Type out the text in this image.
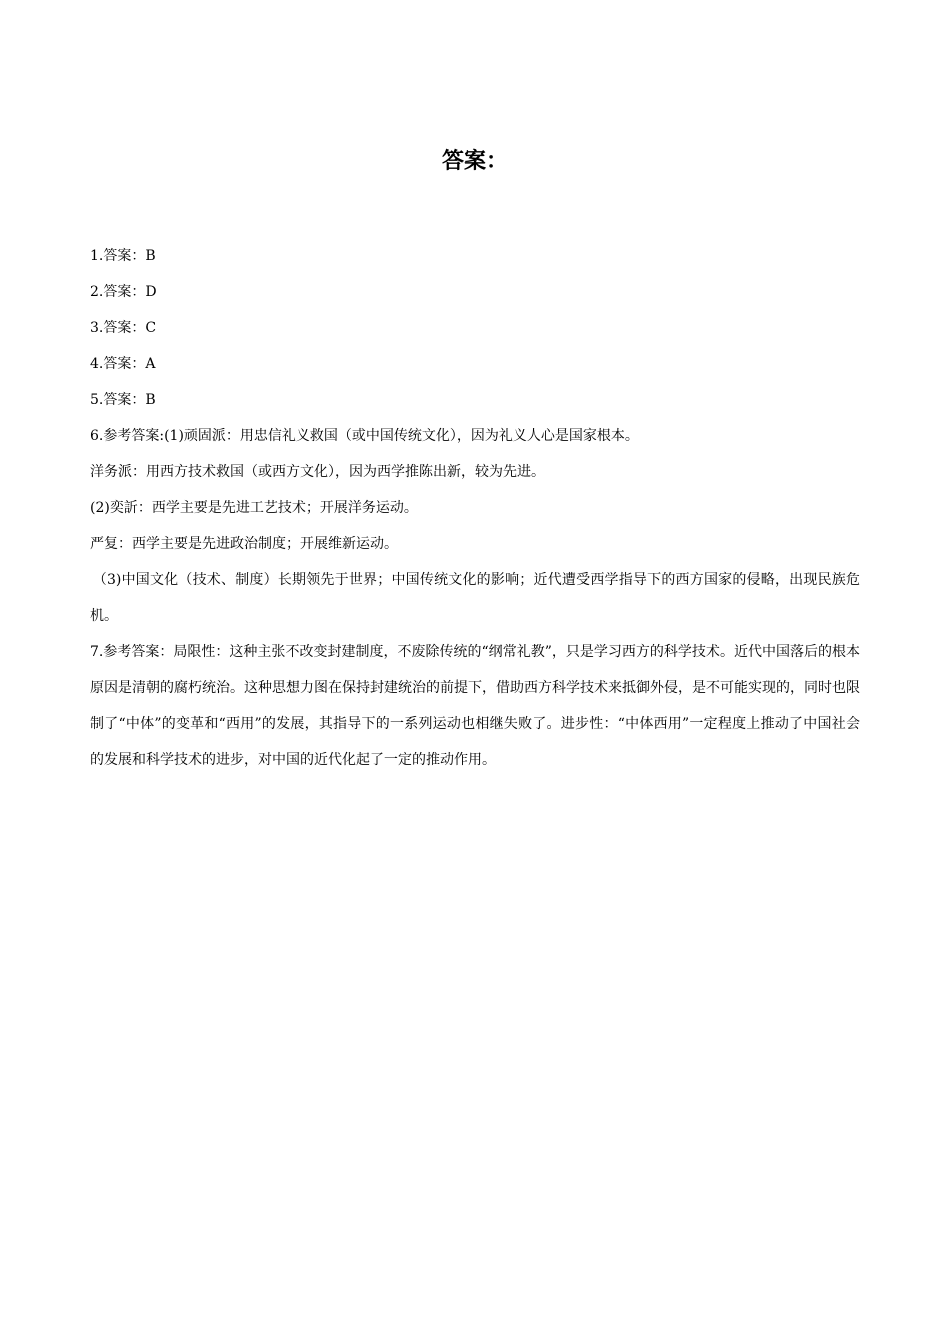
答案：
1.答案：B
2.答案：D
3.答案：C
4.答案：A
5.答案：B
6.参考答案:(1)顽固派：用忠信礼义救国（或中国传统文化），因为礼义人心是国家根本。
洋务派：用西方技术救国（或西方文化），因为西学推陈出新，较为先进。
(2)奕訢：西学主要是先进工艺技术；开展洋务运动。
严复：西学主要是先进政治制度；开展维新运动。
（3)中国文化（技术、制度）长期领先于世界；中国传统文化的影响；近代遭受西学指导下的西方国家的侵略，出现民族危机。
7.参考答案：局限性：这种主张不改变封建制度，不废除传统的“纲常礼教”，只是学习西方的科学技术。近代中国落后的根本原因是清朝的腐朽统治。这种思想力图在保持封建统治的前提下，借助西方科学技术来抵御外侵，是不可能实现的，同时也限制了“中体”的变革和“西用”的发展，其指导下的一系列运动也相继失败了。进步性：“中体西用”一定程度上推动了中国社会的发展和科学技术的进步，对中国的近代化起了一定的推动作用。
